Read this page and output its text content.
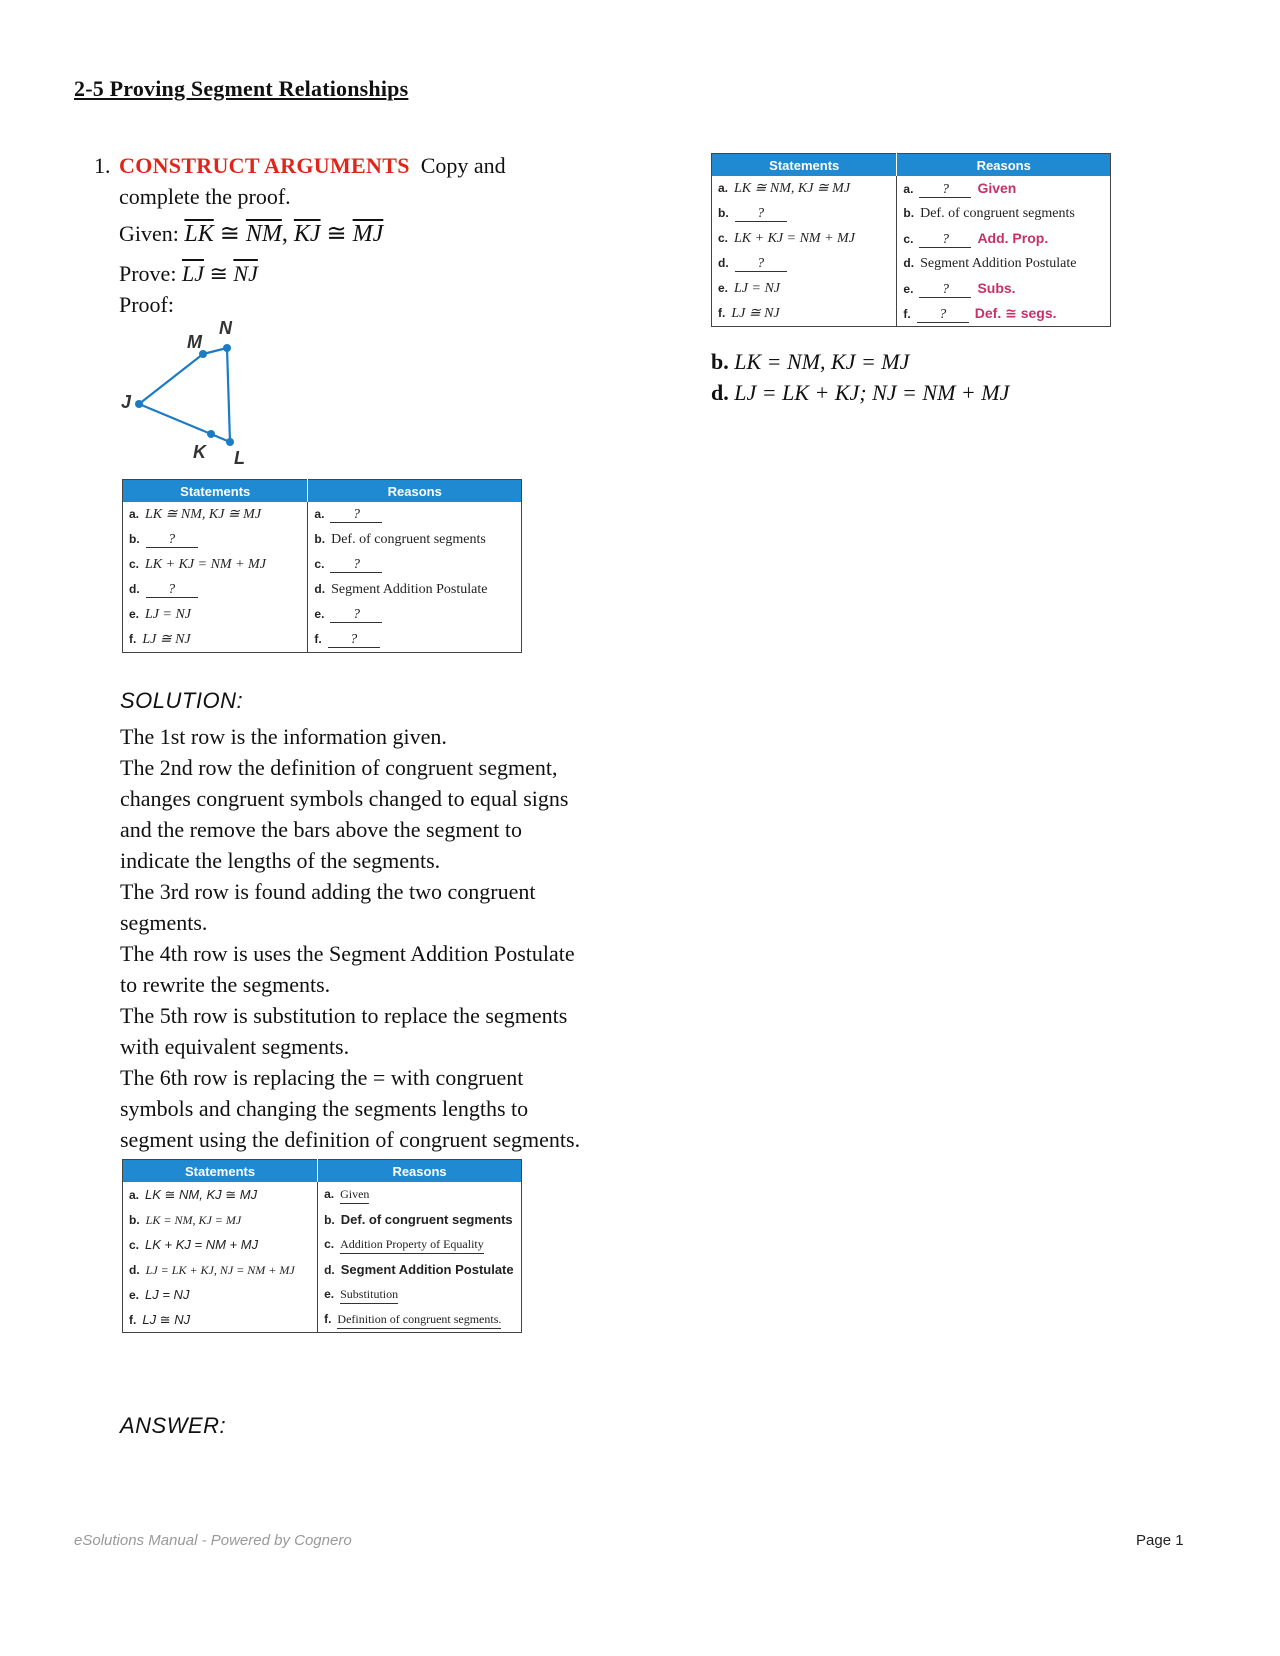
2-5 Proving Segment Relationships
1. CONSTRUCT ARGUMENTS Copy and
complete the proof.
Given: $\overline{LK}$ ≅ $\overline{NM}$, $\overline{KJ}$ ≅ $\overline{MJ}$
Prove: $\overline{LJ}$ ≅ $\overline{NJ}$
Proof:
N
M
J
K L
Statements	Reasons
a. LK ≅ NM, KJ ≅ MJ	a. ?
b. ?	b. Def. of congruent segments
c. LK + KJ = NM + MJ	c. ?
d. ?	d. Segment Addition Postulate
e. LJ = NJ	e. ?
f. LJ ≅ NJ	f. ?
Statements	Reasons
a. LK ≅ NM, KJ ≅ MJ	a. ? Given
b. ?	b. Def. of congruent segments
c. LK + KJ = NM + MJ	c. ? Add. Prop.
d. ?	d. Segment Addition Postulate
e. LJ = NJ	e. ? Subs.
f. LJ ≅ NJ	f. ? Def. ≅ segs.
b. LK = NM, KJ = MJ
d. LJ = LK + KJ; NJ = NM + MJ
SOLUTION:
The 1st row is the information given.
The 2nd row the definition of congruent segment,
changes congruent symbols changed to equal signs
and the remove the bars above the segment to
indicate the lengths of the segments.
The 3rd row is found adding the two congruent
segments.
The 4th row is uses the Segment Addition Postulate
to rewrite the segments.
The 5th row is substitution to replace the segments
with equivalent segments.
The 6th row is replacing the = with congruent
symbols and changing the segments lengths to
segment using the definition of congruent segments.
Statements	Reasons
a. LK ≅ NM, KJ ≅ MJ	a. Given
b. LK = NM, KJ = MJ	b. Def. of congruent segments
c. LK + KJ = NM + MJ	c. Addition Property of Equality
d. LJ = LK + KJ, NJ = NM + MJ	d. Segment Addition Postulate
e. LJ = NJ	e. Substitution
f. LJ ≅ NJ	f. Definition of congruent segments.
ANSWER:
eSolutions Manual - Powered by Cognero	Page 1
